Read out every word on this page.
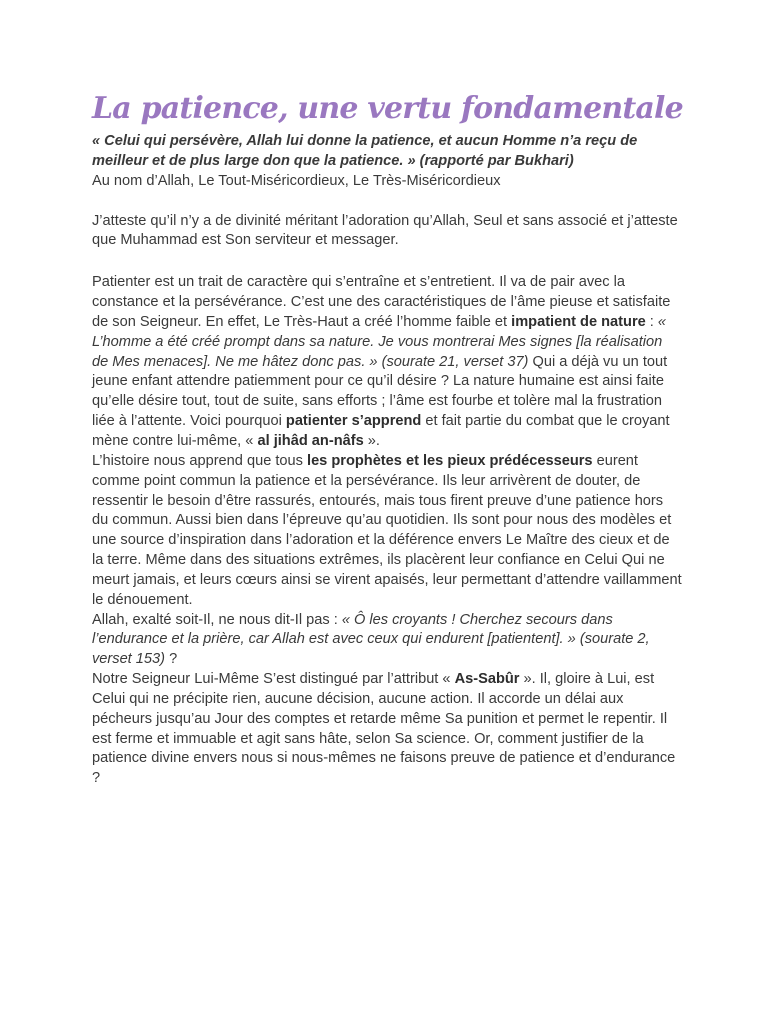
La patience, une vertu fondamentale

« Celui qui persévère, Allah lui donne la patience, et aucun Homme n’a reçu de meilleur et de plus large don que la patience. » (rapporté par Bukhari)

Au nom d’Allah, Le Tout-Miséricordieux, Le Très-Miséricordieux

J’atteste qu’il n’y a de divinité méritant l’adoration qu’Allah, Seul et sans associé et j’atteste que Muhammad est Son serviteur et messager.

Patienter est un trait de caractère qui s’entraîne et s’entretient. Il va de pair avec la constance et la persévérance. C’est une des caractéristiques de l’âme pieuse et satisfaite de son Seigneur. En effet, Le Très-Haut a créé l’homme faible et impatient de nature : « L’homme a été créé prompt dans sa nature. Je vous montrerai Mes signes [la réalisation de Mes menaces]. Ne me hâtez donc pas. » (sourate 21, verset 37) Qui a déjà vu un tout jeune enfant attendre patiemment pour ce qu’il désire ? La nature humaine est ainsi faite qu’elle désire tout, tout de suite, sans efforts ; l’âme est fourbe et tolère mal la frustration liée à l’attente. Voici pourquoi patienter s’apprend et fait partie du combat que le croyant mène contre lui-même, « al jihâd an-nâfs ».

L’histoire nous apprend que tous les prophètes et les pieux prédécesseurs eurent comme point commun la patience et la persévérance. Ils leur arrivèrent de douter, de ressentir le besoin d’être rassurés, entourés, mais tous firent preuve d’une patience hors du commun. Aussi bien dans l’épreuve qu’au quotidien. Ils sont pour nous des modèles et une source d’inspiration dans l’adoration et la déférence envers Le Maître des cieux et de la terre. Même dans des situations extrêmes, ils placèrent leur confiance en Celui Qui ne meurt jamais, et leurs cœurs ainsi se virent apaisés, leur permettant d’attendre vaillamment le dénouement.

Allah, exalté soit-Il, ne nous dit-Il pas : « Ô les croyants ! Cherchez secours dans l’endurance et la prière, car Allah est avec ceux qui endurent [patientent]. » (sourate 2, verset 153) ?

Notre Seigneur Lui-Même S’est distingué par l’attribut « As-Sabûr ». Il, gloire à Lui, est Celui qui ne précipite rien, aucune décision, aucune action. Il accorde un délai aux pécheurs jusqu’au Jour des comptes et retarde même Sa punition et permet le repentir. Il est ferme et immuable et agit sans hâte, selon Sa science. Or, comment justifier de la patience divine envers nous si nous-mêmes ne faisons preuve de patience et d’endurance ?
